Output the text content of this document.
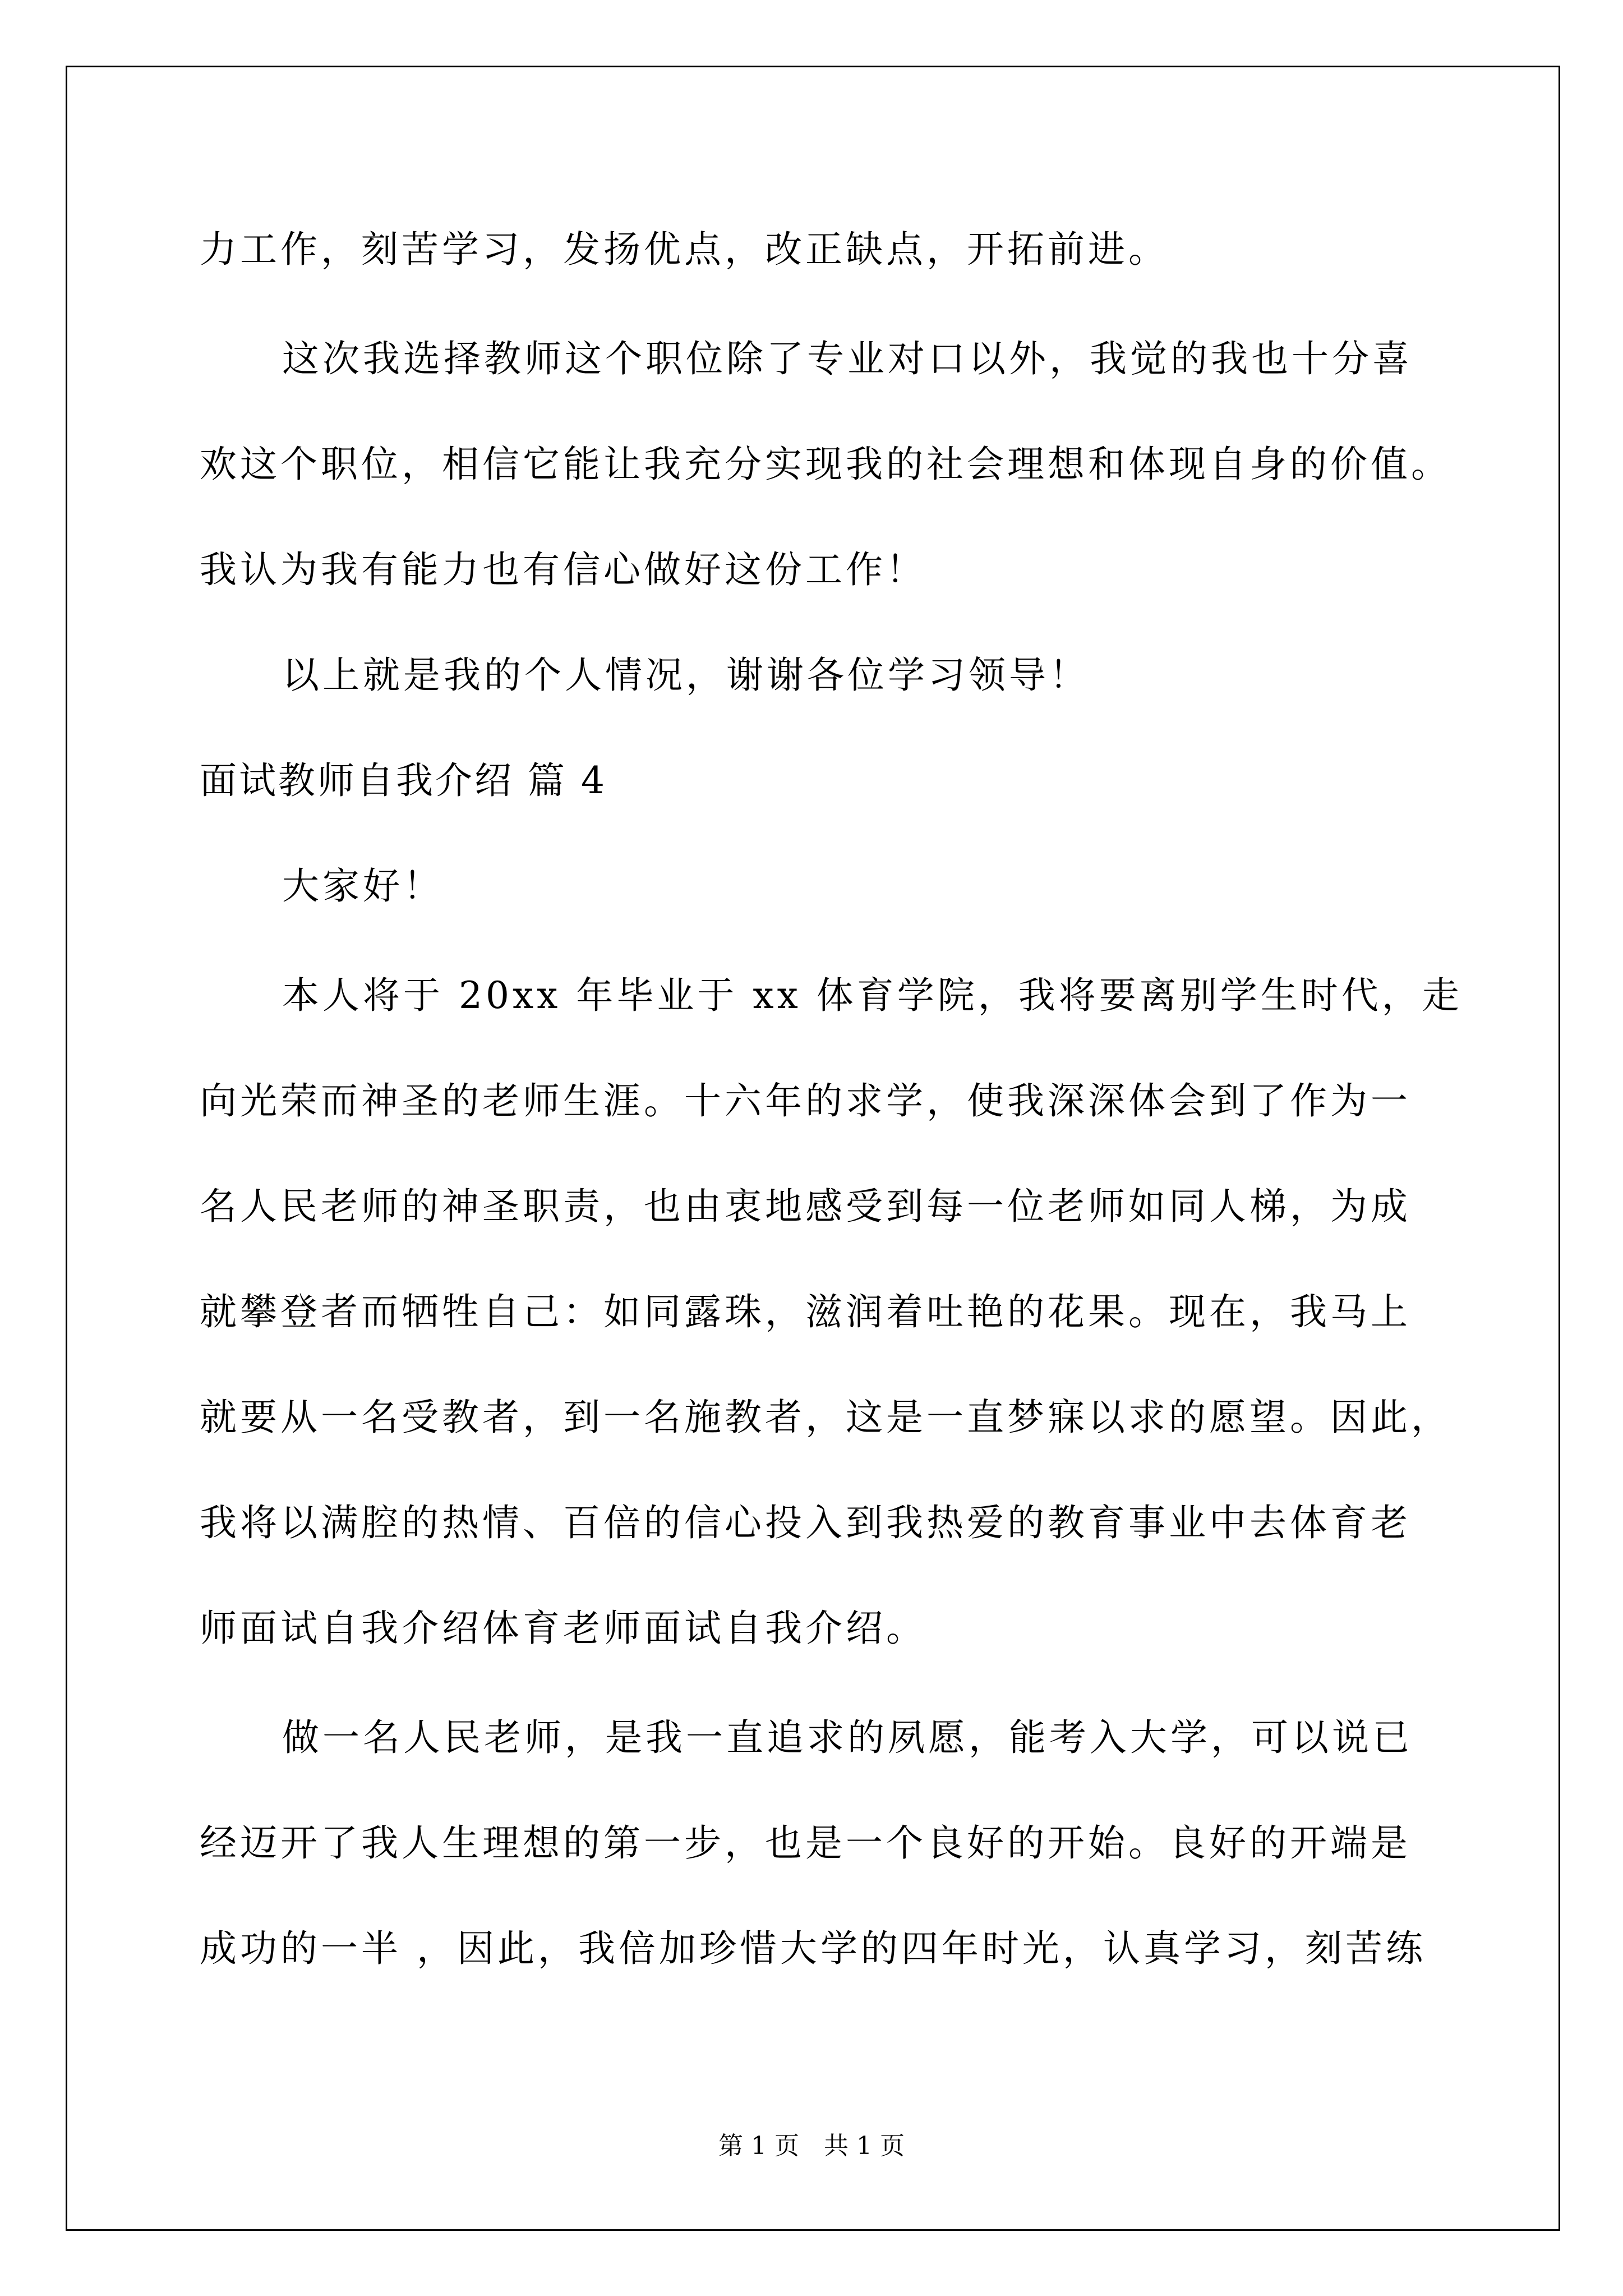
力工作，刻苦学习，发扬优点，改正缺点，开拓前进。
这次我选择教师这个职位除了专业对口以外，我觉的我也十分喜
欢这个职位，相信它能让我充分实现我的社会理想和体现自身的价值。
我认为我有能力也有信心做好这份工作！
以上就是我的个人情况，谢谢各位学习领导！
面试教师自我介绍 篇 4
大家好！
本人将于 20xx 年毕业于 xx 体育学院，我将要离别学生时代，走
向光荣而神圣的老师生涯。十六年的求学，使我深深体会到了作为一
名人民老师的神圣职责，也由衷地感受到每一位老师如同人梯，为成
就攀登者而牺牲自己：如同露珠，滋润着吐艳的花果。现在，我马上
就要从一名受教者，到一名施教者，这是一直梦寐以求的愿望。因此，
我将以满腔的热情、百倍的信心投入到我热爱的教育事业中去体育老
师面试自我介绍体育老师面试自我介绍。
做一名人民老师，是我一直追求的夙愿，能考入大学，可以说已
经迈开了我人生理想的第一步，也是一个良好的开始。良好的开端是
成功的一半 ，因此，我倍加珍惜大学的四年时光，认真学习，刻苦练
第 1 页　共 1 页
